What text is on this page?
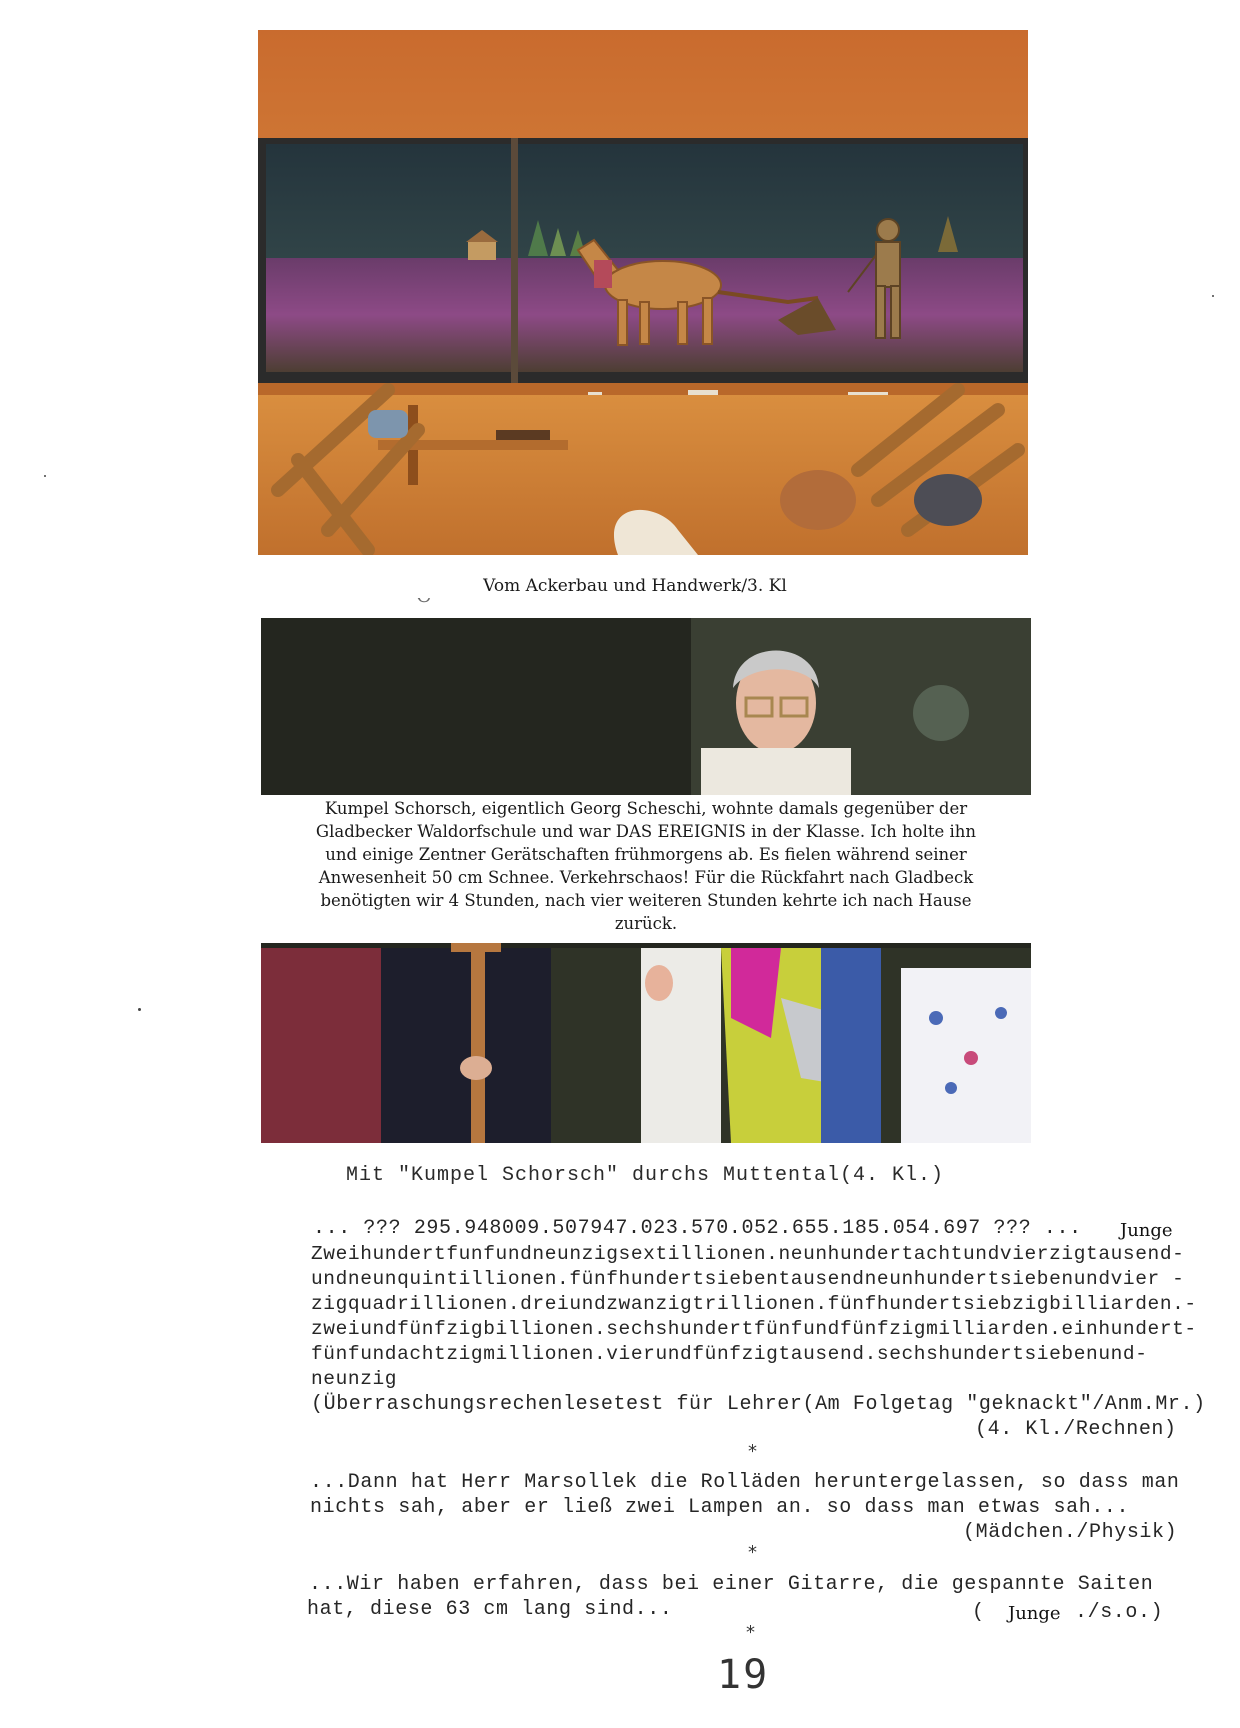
Vom Ackerbau und Handwerk/3. Kl
Kumpel Schorsch, eigentlich Georg Scheschi, wohnte damals gegenüber der
Gladbecker Waldorfschule und war DAS EREIGNIS in der Klasse. Ich holte ihn
und einige Zentner Gerätschaften frühmorgens ab. Es fielen während seiner
Anwesenheit 50 cm Schnee. Verkehrschaos! Für die Rückfahrt nach Gladbeck
benötigten wir 4 Stunden, nach vier weiteren Stunden kehrte ich nach Hause
zurück.
Mit "Kumpel Schorsch" durchs Muttental(4. Kl.)
... ??? 295.948009.507947.023.570.052.655.185.054.697 ??? ... Junge
Zweihundertfunfundneunzigsextillionen.neunhundertachtundvierzigtausend-
undneunquintillionen.fünfhundertsiebentausendneunhundertsiebenundvier -
zigquadrillionen.dreiundzwanzigtrillionen.fünfhundertsiebzigbilliarden.-
zweiundfünfzigbillionen.sechshundertfünfundfünfzigmilliarden.einhundert-
fünfundachtzigmillionen.vierundfünfzigtausend.sechshundertsiebenund-
neunzig
(Überraschungsrechenlesetest für Lehrer(Am Folgetag "geknackt"/Anm.Mr.)
(4. Kl./Rechnen)
*
...Dann hat Herr Marsollek die Rolläden heruntergelassen, so dass man
nichts sah, aber er ließ zwei Lampen an. so dass man etwas sah...
(Mädchen./Physik)
*
...Wir haben erfahren, dass bei einer Gitarre, die gespannte Saiten
hat, diese 63 cm lang sind...	( Junge ./s.o.)
*
19
